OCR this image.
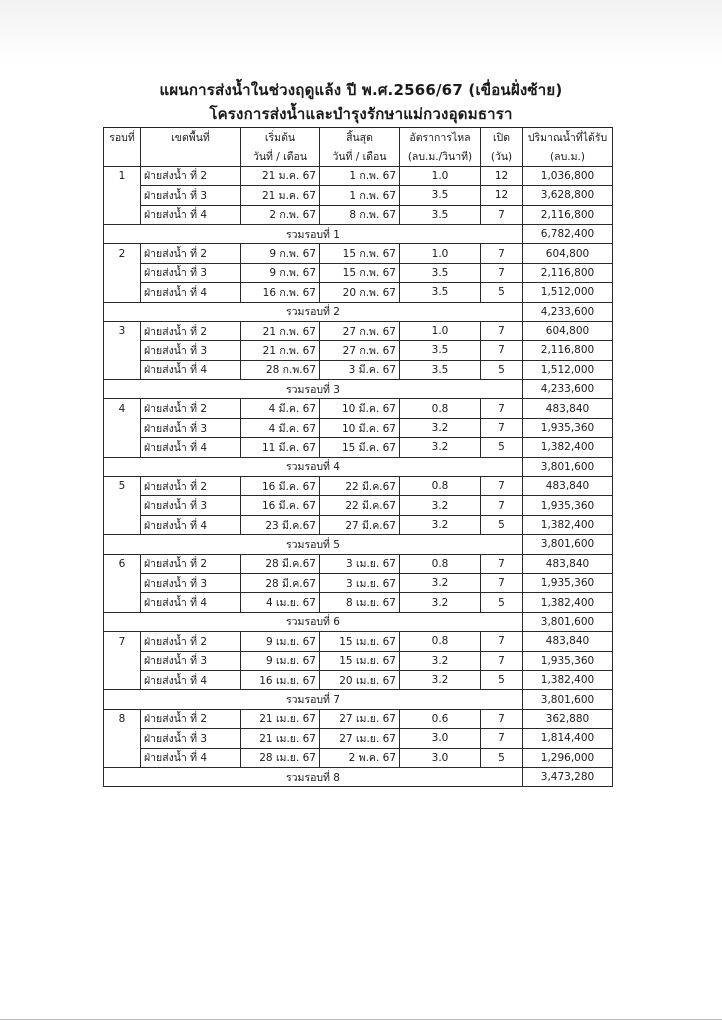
แผนการส่งน้ำในช่วงฤดูแล้ง ปี พ.ศ.2566/67 (เขื่อนฝั่งซ้าย)
โครงการส่งน้ำและบำรุงรักษาแม่กวงอุดมธารา
รอบที่	เขตพื้นที่	เริ่มต้น	สิ้นสุด	อัตราการไหล	เปิด	ปริมาณน้ำที่ได้รับ
		วันที่ / เดือน	วันที่ / เดือน	(ลบ.ม./วินาที)	(วัน)	(ลบ.ม.)
1	ฝ่ายส่งน้ำ ที่ 2	21 ม.ค. 67	1 ก.พ. 67	1.0	12	1,036,800
	ฝ่ายส่งน้ำ ที่ 3	21 ม.ค. 67	1 ก.พ. 67	3.5	12	3,628,800
	ฝ่ายส่งน้ำ ที่ 4	2 ก.พ. 67	8 ก.พ. 67	3.5	7	2,116,800
รวมรอบที่ 1						6,782,400
2	ฝ่ายส่งน้ำ ที่ 2	9 ก.พ. 67	15 ก.พ. 67	1.0	7	604,800
	ฝ่ายส่งน้ำ ที่ 3	9 ก.พ. 67	15 ก.พ. 67	3.5	7	2,116,800
	ฝ่ายส่งน้ำ ที่ 4	16 ก.พ. 67	20 ก.พ. 67	3.5	5	1,512,000
รวมรอบที่ 2						4,233,600
3	ฝ่ายส่งน้ำ ที่ 2	21 ก.พ. 67	27 ก.พ. 67	1.0	7	604,800
	ฝ่ายส่งน้ำ ที่ 3	21 ก.พ. 67	27 ก.พ. 67	3.5	7	2,116,800
	ฝ่ายส่งน้ำ ที่ 4	28 ก.พ.67	3 มี.ค. 67	3.5	5	1,512,000
รวมรอบที่ 3						4,233,600
4	ฝ่ายส่งน้ำ ที่ 2	4 มี.ค. 67	10 มี.ค. 67	0.8	7	483,840
	ฝ่ายส่งน้ำ ที่ 3	4 มี.ค. 67	10 มี.ค. 67	3.2	7	1,935,360
	ฝ่ายส่งน้ำ ที่ 4	11 มี.ค. 67	15 มี.ค. 67	3.2	5	1,382,400
รวมรอบที่ 4						3,801,600
5	ฝ่ายส่งน้ำ ที่ 2	16 มี.ค. 67	22 มี.ค.67	0.8	7	483,840
	ฝ่ายส่งน้ำ ที่ 3	16 มี.ค. 67	22 มี.ค.67	3.2	7	1,935,360
	ฝ่ายส่งน้ำ ที่ 4	23 มี.ค.67	27 มี.ค.67	3.2	5	1,382,400
รวมรอบที่ 5						3,801,600
6	ฝ่ายส่งน้ำ ที่ 2	28 มี.ค.67	3 เม.ย. 67	0.8	7	483,840
	ฝ่ายส่งน้ำ ที่ 3	28 มี.ค.67	3 เม.ย. 67	3.2	7	1,935,360
	ฝ่ายส่งน้ำ ที่ 4	4 เม.ย. 67	8 เม.ย. 67	3.2	5	1,382,400
รวมรอบที่ 6						3,801,600
7	ฝ่ายส่งน้ำ ที่ 2	9 เม.ย. 67	15 เม.ย. 67	0.8	7	483,840
	ฝ่ายส่งน้ำ ที่ 3	9 เม.ย. 67	15 เม.ย. 67	3.2	7	1,935,360
	ฝ่ายส่งน้ำ ที่ 4	16 เม.ย. 67	20 เม.ย. 67	3.2	5	1,382,400
รวมรอบที่ 7						3,801,600
8	ฝ่ายส่งน้ำ ที่ 2	21 เม.ย. 67	27 เม.ย. 67	0.6	7	362,880
	ฝ่ายส่งน้ำ ที่ 3	21 เม.ย. 67	27 เม.ย. 67	3.0	7	1,814,400
	ฝ่ายส่งน้ำ ที่ 4	28 เม.ย. 67	2 พ.ค. 67	3.0	5	1,296,000
รวมรอบที่ 8						3,473,280
